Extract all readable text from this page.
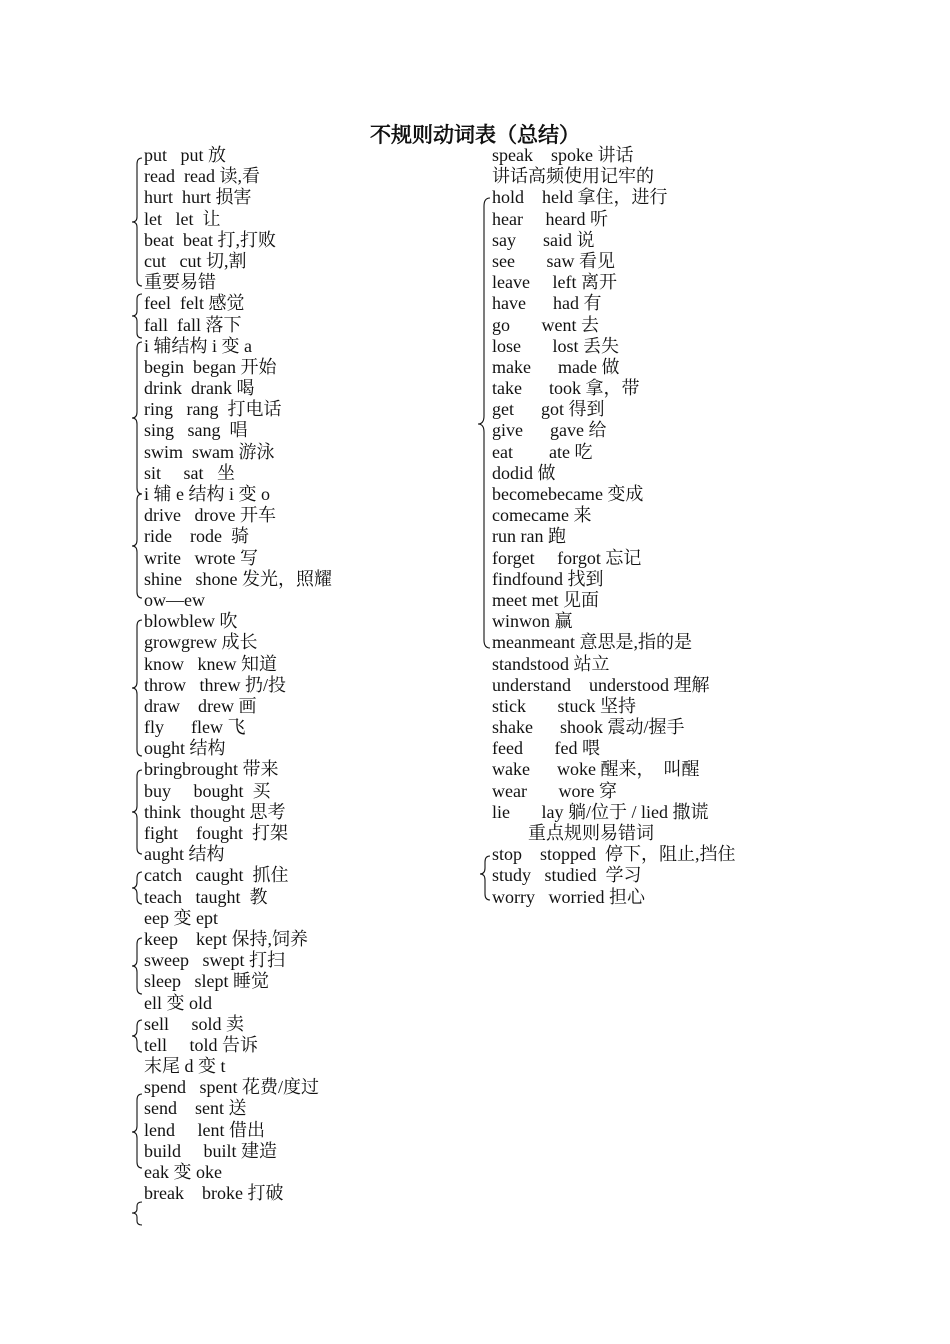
不规则动词表（总结）
put   put 放
read  read 读,看
hurt  hurt 损害
let   let  让
beat  beat 打,打败
cut   cut 切,割
重要易错
feel  felt 感觉
fall  fall 落下
i 辅结构 i 变 a
begin  began 开始
drink  drank 喝
ring   rang  打电话
sing   sang  唱
swim  swam 游泳
sit     sat   坐
i 辅 e 结构 i 变 o
drive   drove 开车
ride    rode  骑
write   wrote 写
shine   shone 发光，照耀
ow—ew
blowblew 吹
growgrew 成长
know   knew 知道
throw   threw 扔/投
draw    drew 画
fly      flew 飞
ought 结构
bringbrought 带来
buy     bought  买
think  thought 思考
fight    fought  打架
aught 结构
catch   caught  抓住
teach   taught  教
eep 变 ept
keep    kept 保持,饲养
sweep   swept 打扫
sleep   slept 睡觉
ell 变 old
sell     sold 卖
tell     told 告诉
末尾 d 变 t
spend   spent 花费/度过
send    sent 送
lend     lent 借出
build     built 建造
eak 变 oke
break    broke 打破
speak    spoke 讲话
讲话高频使用记牢的
hold    held 拿住，进行
hear     heard 听
say      said 说
see       saw 看见
leave     left 离开
have      had 有
go       went 去
lose       lost 丢失
make      made 做
take      took 拿，带
get      got 得到
give      gave 给
eat        ate 吃
dodid 做
becomebecame 变成
comecame 来
run ran 跑
forget     forgot 忘记
findfound 找到
meet met 见面
winwon 赢
meanmeant 意思是,指的是
standstood 站立
understand    understood 理解
stick       stuck 坚持
shake      shook 震动/握手
feed       fed 喂
wake      woke 醒来，  叫醒
wear       wore 穿
lie       lay 躺/位于 / lied 撒谎
重点规则易错词
stop    stopped  停下，阻止,挡住
study   studied  学习
worry   worried 担心
